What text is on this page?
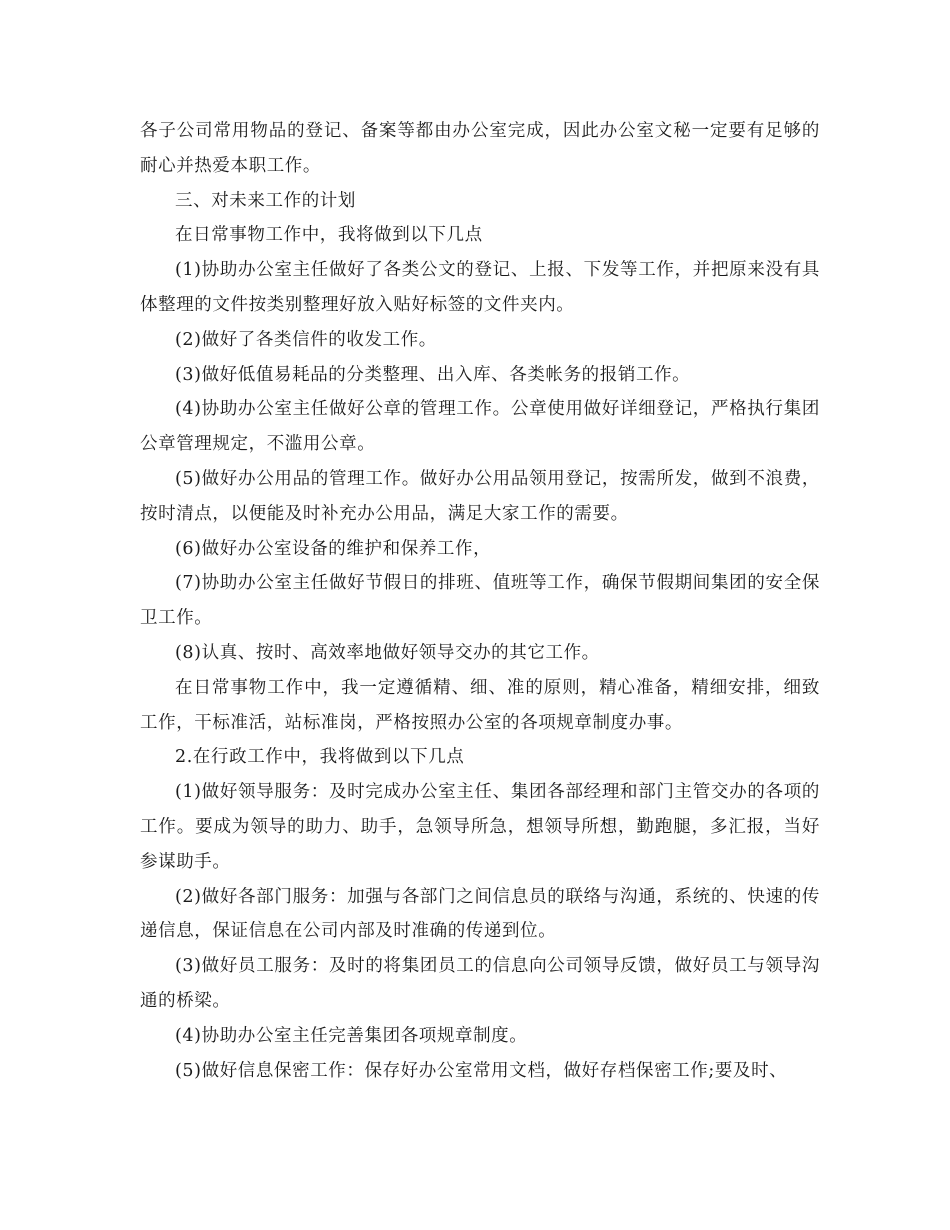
各子公司常用物品的登记、备案等都由办公室完成，因此办公室文秘一定要有足够的耐心并热爱本职工作。

三、对未来工作的计划

在日常事物工作中，我将做到以下几点

(1)协助办公室主任做好了各类公文的登记、上报、下发等工作，并把原来没有具体整理的文件按类别整理好放入贴好标签的文件夹内。

(2)做好了各类信件的收发工作。

(3)做好低值易耗品的分类整理、出入库、各类帐务的报销工作。

(4)协助办公室主任做好公章的管理工作。公章使用做好详细登记，严格执行集团公章管理规定，不滥用公章。

(5)做好办公用品的管理工作。做好办公用品领用登记，按需所发，做到不浪费，按时清点，以便能及时补充办公用品，满足大家工作的需要。

(6)做好办公室设备的维护和保养工作，

(7)协助办公室主任做好节假日的排班、值班等工作，确保节假期间集团的安全保卫工作。

(8)认真、按时、高效率地做好领导交办的其它工作。

在日常事物工作中，我一定遵循精、细、准的原则，精心准备，精细安排，细致工作，干标准活，站标准岗，严格按照办公室的各项规章制度办事。

2.在行政工作中，我将做到以下几点

(1)做好领导服务：及时完成办公室主任、集团各部经理和部门主管交办的各项的工作。要成为领导的助力、助手，急领导所急，想领导所想，勤跑腿，多汇报，当好参谋助手。

(2)做好各部门服务：加强与各部门之间信息员的联络与沟通，系统的、快速的传递信息，保证信息在公司内部及时准确的传递到位。

(3)做好员工服务：及时的将集团员工的信息向公司领导反馈，做好员工与领导沟通的桥梁。

(4)协助办公室主任完善集团各项规章制度。

(5)做好信息保密工作：保存好办公室常用文档，做好存档保密工作;要及时、
